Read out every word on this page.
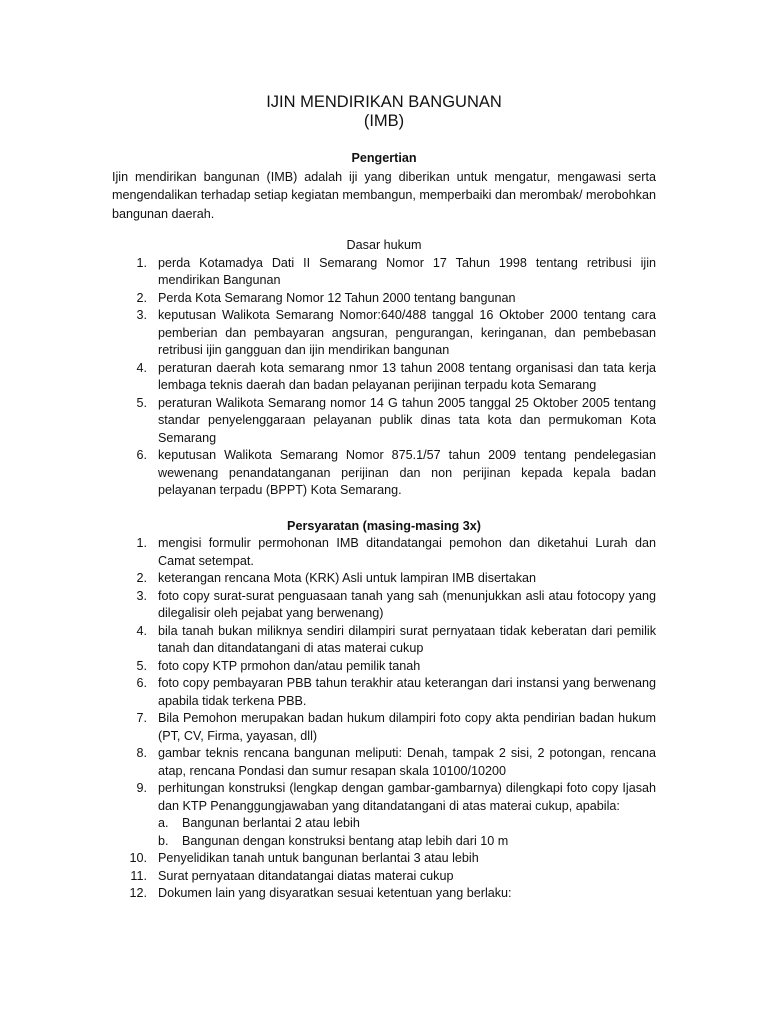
IJIN MENDIRIKAN BANGUNAN
(IMB)
Pengertian

Ijin mendirikan bangunan (IMB) adalah iji yang diberikan untuk mengatur, mengawasi serta mengendalikan terhadap setiap kegiatan membangun, memperbaiki dan merombak/ merobohkan bangunan daerah.

Dasar hukum
1. perda Kotamadya Dati II Semarang Nomor 17 Tahun 1998 tentang retribusi ijin mendirikan Bangunan
2. Perda Kota Semarang Nomor 12 Tahun 2000 tentang bangunan
3. keputusan Walikota Semarang Nomor:640/488 tanggal 16 Oktober 2000 tentang cara pemberian dan pembayaran angsuran, pengurangan, keringanan, dan pembebasan retribusi ijin gangguan dan ijin mendirikan bangunan
4. peraturan daerah kota semarang nmor 13 tahun 2008 tentang organisasi dan tata kerja lembaga teknis daerah dan badan pelayanan perijinan terpadu kota Semarang
5. peraturan Walikota Semarang nomor 14 G tahun 2005 tanggal 25 Oktober 2005 tentang standar penyelenggaraan pelayanan publik dinas tata kota dan permukoman Kota Semarang
6. keputusan Walikota Semarang Nomor 875.1/57 tahun 2009 tentang pendelegasian wewenang penandatanganan perijinan dan non perijinan kepada kepala badan pelayanan terpadu (BPPT) Kota Semarang.
Persyaratan (masing-masing 3x)
1. mengisi formulir permohonan IMB ditandatangai pemohon dan diketahui Lurah dan Camat setempat.
2. keterangan rencana Mota (KRK) Asli untuk lampiran IMB disertakan
3. foto copy surat-surat penguasaan tanah yang sah (menunjukkan asli atau fotocopy yang dilegalisir oleh pejabat yang berwenang)
4. bila tanah bukan miliknya sendiri dilampiri surat pernyataan tidak keberatan dari pemilik tanah dan ditandatangani di atas materai cukup
5. foto copy KTP prmohon dan/atau pemilik tanah
6. foto copy pembayaran PBB tahun terakhir atau keterangan dari instansi yang berwenang apabila tidak terkena PBB.
7. Bila Pemohon merupakan badan hukum dilampiri foto copy akta pendirian badan hukum (PT, CV, Firma, yayasan, dll)
8. gambar teknis rencana bangunan meliputi: Denah, tampak 2 sisi, 2 potongan, rencana atap, rencana Pondasi dan sumur resapan skala 10100/10200
9. perhitungan konstruksi (lengkap dengan gambar-gambarnya) dilengkapi foto copy Ijasah dan KTP Penanggungjawaban yang ditandatangani di atas materai cukup, apabila:
a. Bangunan berlantai 2 atau lebih
b. Bangunan dengan konstruksi bentang atap lebih dari 10 m
10. Penyelidikan tanah untuk bangunan berlantai 3 atau lebih
11. Surat pernyataan ditandatangai diatas materai cukup
12. Dokumen lain yang disyaratkan sesuai ketentuan yang berlaku:
